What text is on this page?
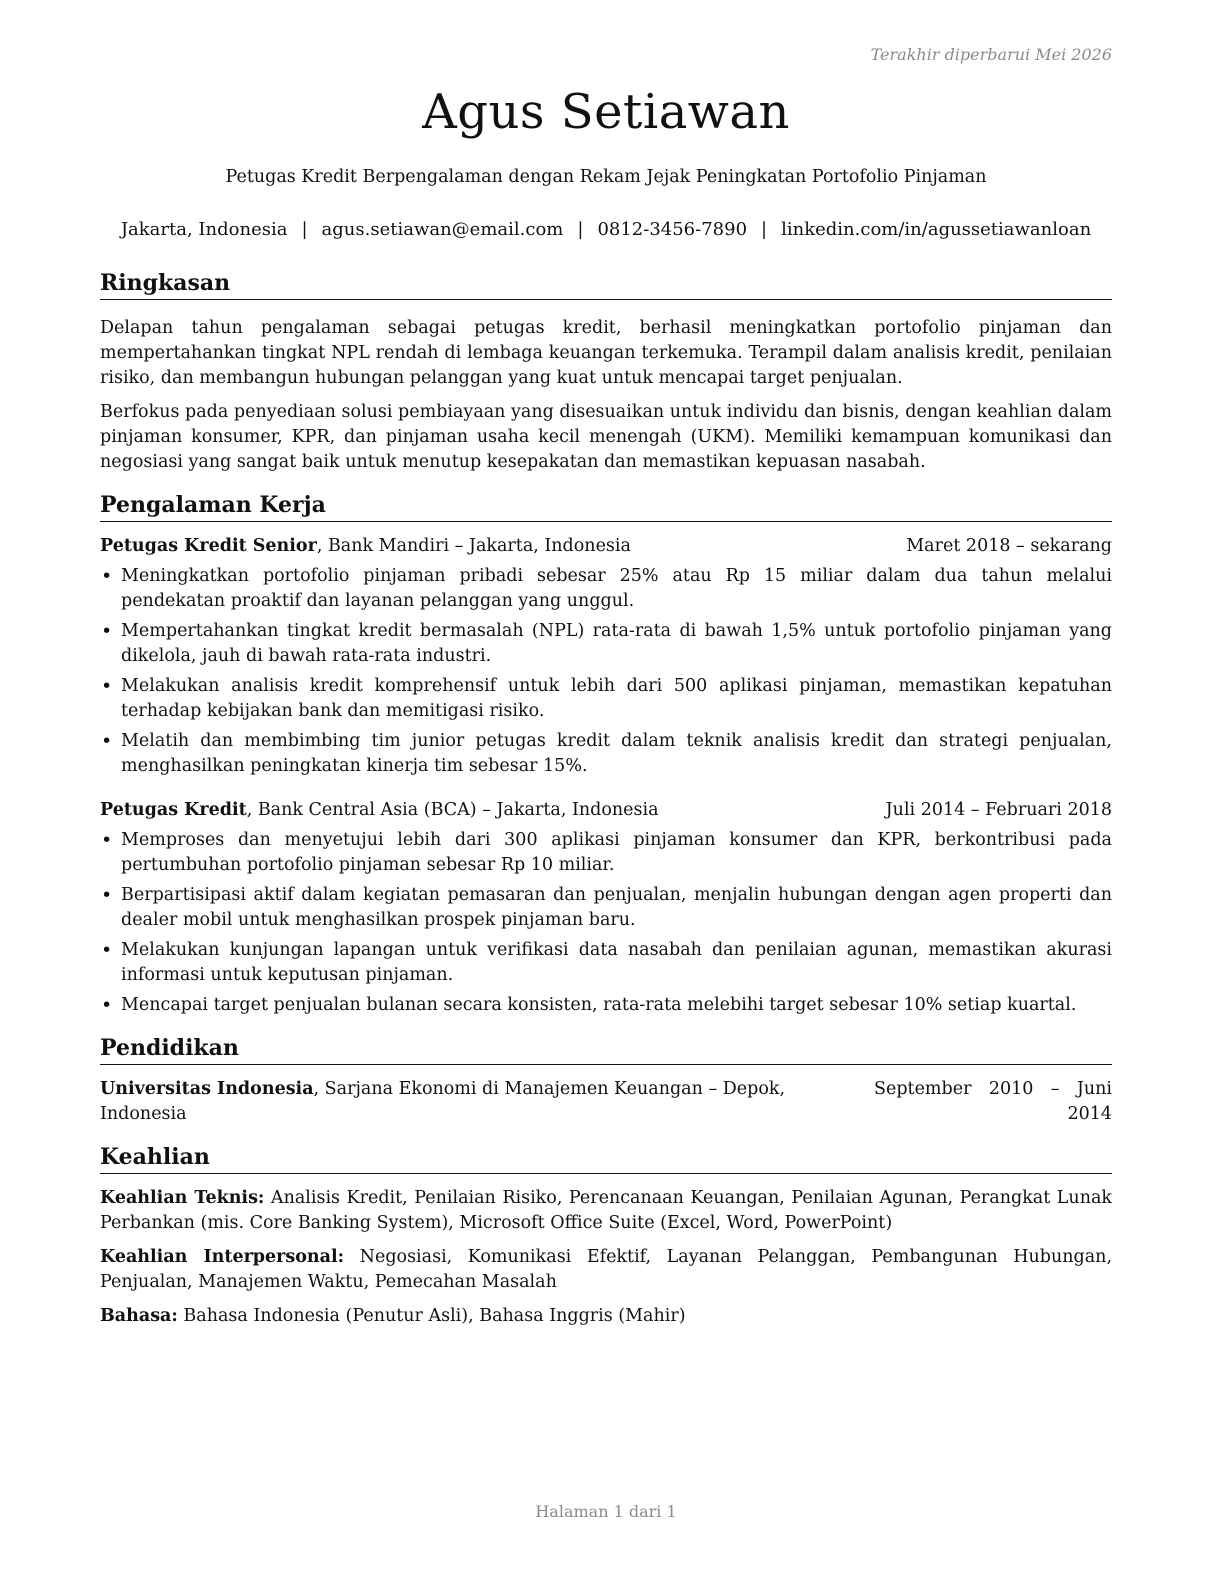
Terakhir diperbarui Mei 2026
Agus Setiawan
Petugas Kredit Berpengalaman dengan Rekam Jejak Peningkatan Portofolio Pinjaman
Jakarta, Indonesia | agus.setiawan@email.com | 0812-3456-7890 | linkedin.com/in/agussetiawanloan
Ringkasan

Delapan tahun pengalaman sebagai petugas kredit, berhasil meningkatkan portofolio pinjaman dan mempertahankan tingkat NPL rendah di lembaga keuangan terkemuka. Terampil dalam analisis kredit, penilaian risiko, dan membangun hubungan pelanggan yang kuat untuk mencapai target penjualan.

Berfokus pada penyediaan solusi pembiayaan yang disesuaikan untuk individu dan bisnis, dengan keahlian dalam pinjaman konsumer, KPR, dan pinjaman usaha kecil menengah (UKM). Memiliki kemampuan komunikasi dan negosiasi yang sangat baik untuk menutup kesepakatan dan memastikan kepuasan nasabah.

Pengalaman Kerja
Petugas Kredit Senior, Bank Mandiri – Jakarta, Indonesia	Maret 2018 – sekarang
• Meningkatkan portofolio pinjaman pribadi sebesar 25% atau Rp 15 miliar dalam dua tahun melalui pendekatan proaktif dan layanan pelanggan yang unggul.
• Mempertahankan tingkat kredit bermasalah (NPL) rata-rata di bawah 1,5% untuk portofolio pinjaman yang dikelola, jauh di bawah rata-rata industri.
• Melakukan analisis kredit komprehensif untuk lebih dari 500 aplikasi pinjaman, memastikan kepatuhan terhadap kebijakan bank dan memitigasi risiko.
• Melatih dan membimbing tim junior petugas kredit dalam teknik analisis kredit dan strategi penjualan, menghasilkan peningkatan kinerja tim sebesar 15%.
Petugas Kredit, Bank Central Asia (BCA) – Jakarta, Indonesia	Juli 2014 – Februari 2018
• Memproses dan menyetujui lebih dari 300 aplikasi pinjaman konsumer dan KPR, berkontribusi pada pertumbuhan portofolio pinjaman sebesar Rp 10 miliar.
• Berpartisipasi aktif dalam kegiatan pemasaran dan penjualan, menjalin hubungan dengan agen properti dan dealer mobil untuk menghasilkan prospek pinjaman baru.
• Melakukan kunjungan lapangan untuk verifikasi data nasabah dan penilaian agunan, memastikan akurasi informasi untuk keputusan pinjaman.
• Mencapai target penjualan bulanan secara konsisten, rata-rata melebihi target sebesar 10% setiap kuartal.
Pendidikan
Universitas Indonesia, Sarjana Ekonomi di Manajemen Keuangan – Depok, Indonesia
September 2010 – Juni 2014
Keahlian

Keahlian Teknis: Analisis Kredit, Penilaian Risiko, Perencanaan Keuangan, Penilaian Agunan, Perangkat Lunak Perbankan (mis. Core Banking System), Microsoft Office Suite (Excel, Word, PowerPoint)

Keahlian Interpersonal: Negosiasi, Komunikasi Efektif, Layanan Pelanggan, Pembangunan Hubungan, Penjualan, Manajemen Waktu, Pemecahan Masalah

Bahasa: Bahasa Indonesia (Penutur Asli), Bahasa Inggris (Mahir)

Halaman 1 dari 1
